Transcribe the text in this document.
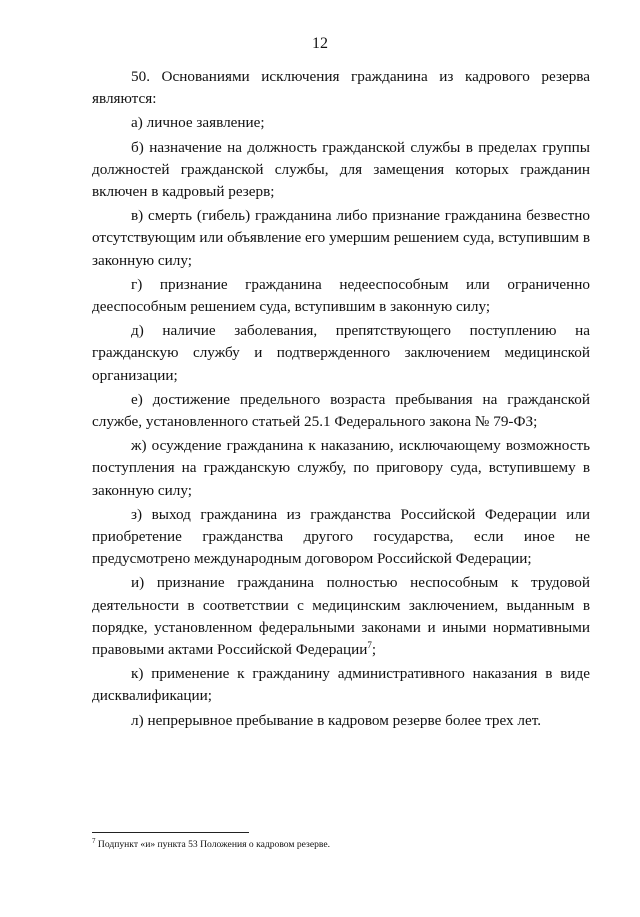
12

50. Основаниями исключения гражданина из кадрового резерва являются:

а) личное заявление;

б) назначение на должность гражданской службы в пределах группы должностей гражданской службы, для замещения которых гражданин включен в кадровый резерв;

в) смерть (гибель) гражданина либо признание гражданина безвестно отсутствующим или объявление его умершим решением суда, вступившим в законную силу;

г) признание гражданина недееспособным или ограниченно дееспособным решением суда, вступившим в законную силу;

д) наличие заболевания, препятствующего поступлению на гражданскую службу и подтвержденного заключением медицинской организации;

е) достижение предельного возраста пребывания на гражданской службе, установленного статьей 25.1 Федерального закона № 79-ФЗ;

ж) осуждение гражданина к наказанию, исключающему возможность поступления на гражданскую службу, по приговору суда, вступившему в законную силу;

з) выход гражданина из гражданства Российской Федерации или приобретение гражданства другого государства, если иное не предусмотрено международным договором Российской Федерации;

и) признание гражданина полностью неспособным к трудовой деятельности в соответствии с медицинским заключением, выданным в порядке, установленном федеральными законами и иными нормативными правовыми актами Российской Федерации$^7$;

к) применение к гражданину административного наказания в виде дисквалификации;

л) непрерывное пребывание в кадровом резерве более трех лет.

$^7$ Подпункт «и» пункта 53 Положения о кадровом резерве.
